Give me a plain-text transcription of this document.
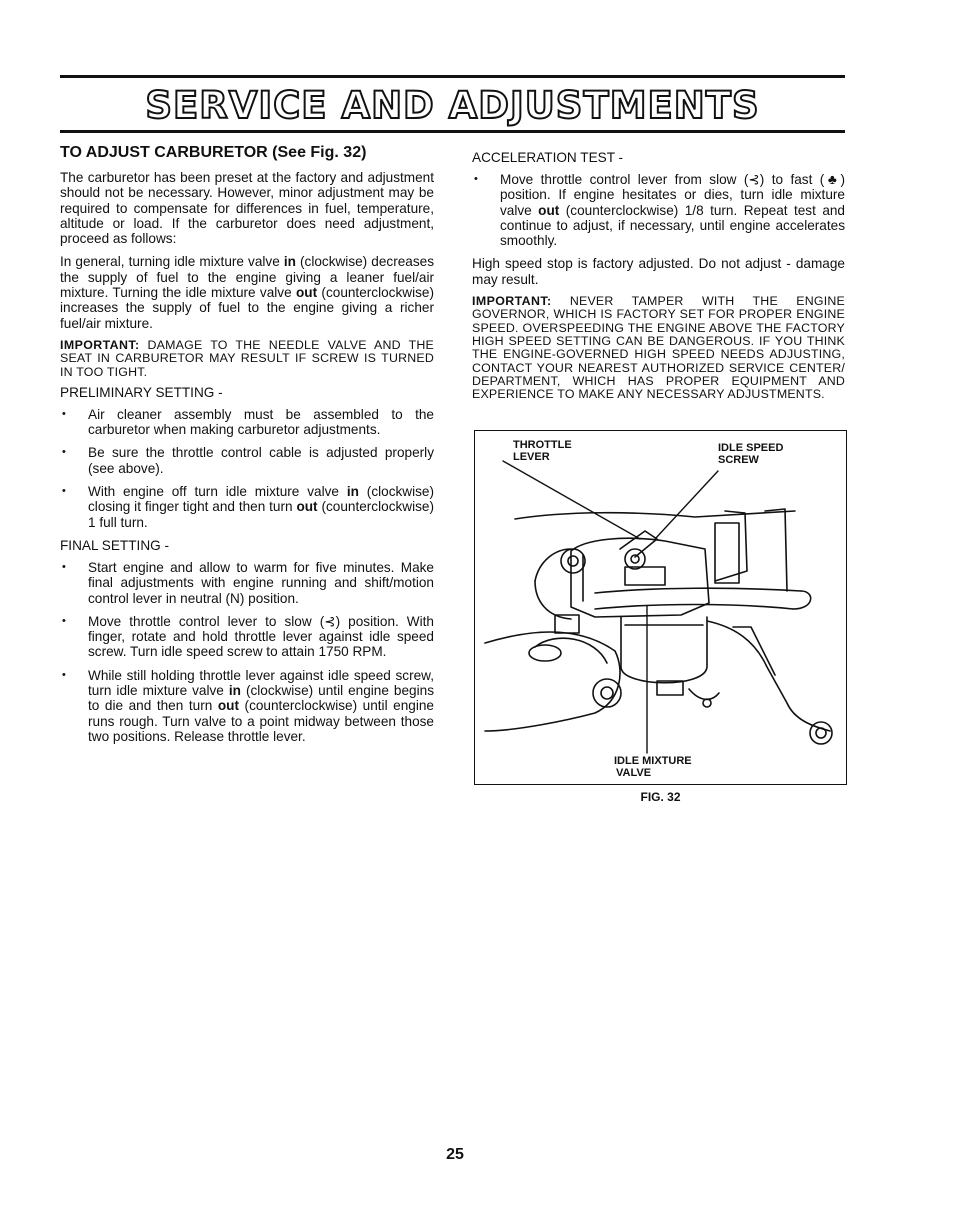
SERVICE AND ADJUSTMENTS
TO ADJUST CARBURETOR (See Fig. 32)

The carburetor has been preset at the factory and adjustment should not be necessary. However, minor adjustment may be required to compensate for differences in fuel, temperature, altitude or load. If the carburetor does need adjustment, proceed as follows:

In general, turning idle mixture valve in (clockwise) decreases the supply of fuel to the engine giving a leaner fuel/air mixture. Turning the idle mixture valve out (counterclockwise) increases the supply of fuel to the engine giving a richer fuel/air mixture.

IMPORTANT: DAMAGE TO THE NEEDLE VALVE AND THE SEAT IN CARBURETOR MAY RESULT IF SCREW IS TURNED IN TOO TIGHT.

PRELIMINARY SETTING -
• Air cleaner assembly must be assembled to the carburetor when making carburetor adjustments.
• Be sure the throttle control cable is adjusted properly (see above).
• With engine off turn idle mixture valve in (clockwise) closing it finger tight and then turn out (counterclockwise) 1 full turn.
FINAL SETTING -
• Start engine and allow to warm for five minutes. Make final adjustments with engine running and shift/motion control lever in neutral (N) position.
• Move throttle control lever to slow (⊰) position. With finger, rotate and hold throttle lever against idle speed screw. Turn idle speed screw to attain 1750 RPM.
• While still holding throttle lever against idle speed screw, turn idle mixture valve in (clockwise) until engine begins to die and then turn out (counterclockwise) until engine runs rough. Turn valve to a point midway between those two positions. Release throttle lever.
ACCELERATION TEST -
• Move throttle control lever from slow (⊰) to fast (♣) position. If engine hesitates or dies, turn idle mixture valve out (counterclockwise) 1/8 turn. Repeat test and continue to adjust, if necessary, until engine accelerates smoothly.

High speed stop is factory adjusted. Do not adjust - damage may result.

IMPORTANT: NEVER TAMPER WITH THE ENGINE GOVERNOR, WHICH IS FACTORY SET FOR PROPER ENGINE SPEED. OVERSPEEDING THE ENGINE ABOVE THE FACTORY HIGH SPEED SETTING CAN BE DANGEROUS. IF YOU THINK THE ENGINE-GOVERNED HIGH SPEED NEEDS ADJUSTING, CONTACT YOUR NEAREST AUTHORIZED SERVICE CENTER/ DEPARTMENT, WHICH HAS PROPER EQUIPMENT AND EXPERIENCE TO MAKE ANY NECESSARY ADJUSTMENTS.

THROTTLE
LEVER
IDLE SPEED
SCREW
IDLE MIXTURE
VALVE
FIG. 32
25
